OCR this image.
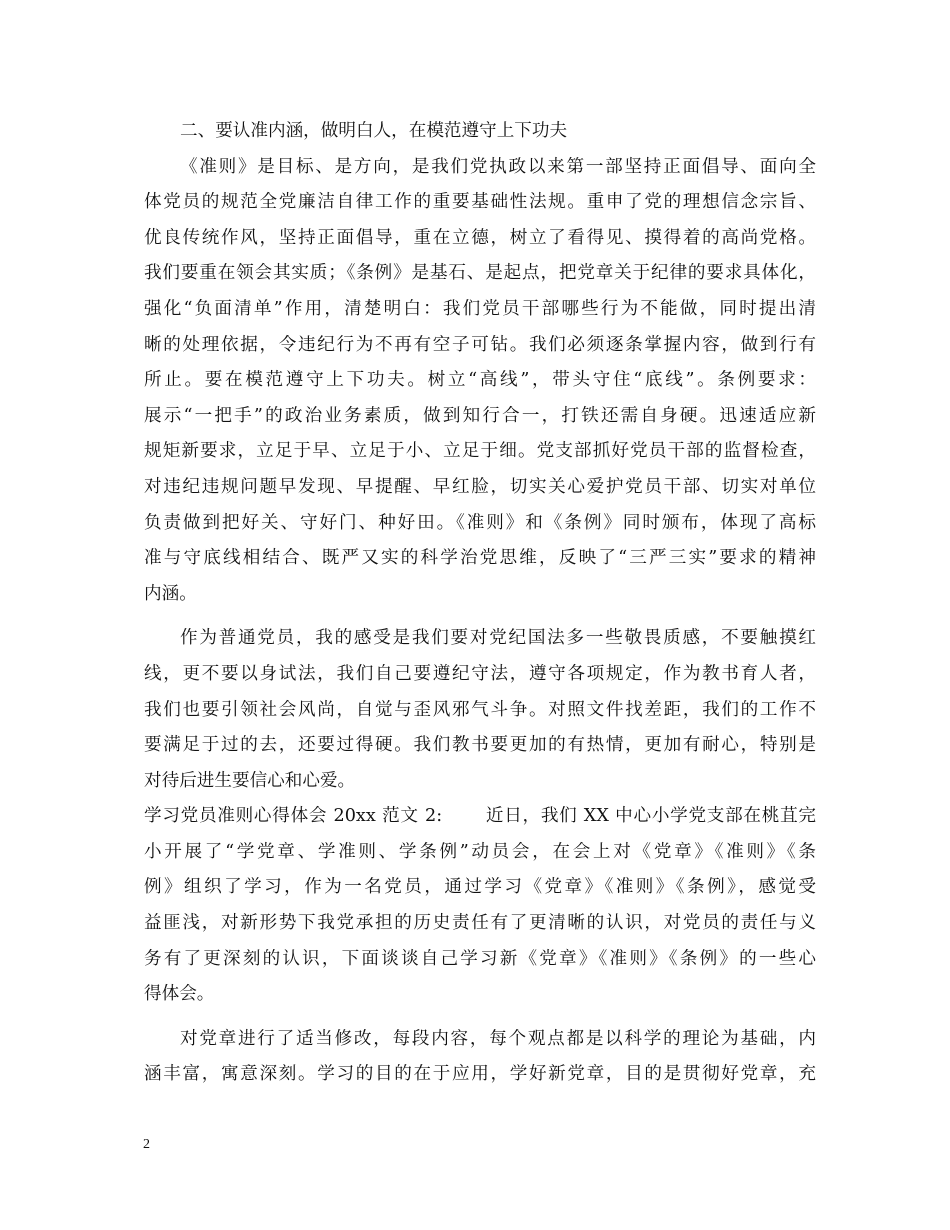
二、要认准内涵，做明白人，在模范遵守上下功夫
《准则》是目标、是方向，是我们党执政以来第一部坚持正面倡导、面向全
体党员的规范全党廉洁自律工作的重要基础性法规。重申了党的理想信念宗旨、
优良传统作风，坚持正面倡导，重在立德，树立了看得见、摸得着的高尚党格。
我们要重在领会其实质；《条例》是基石、是起点，把党章关于纪律的要求具体化，
强化“负面清单”作用，清楚明白：我们党员干部哪些行为不能做，同时提出清
晰的处理依据，令违纪行为不再有空子可钻。我们必须逐条掌握内容，做到行有
所止。要在模范遵守上下功夫。树立“高线”，带头守住“底线”。条例要求：
展示“一把手”的政治业务素质，做到知行合一，打铁还需自身硬。迅速适应新
规矩新要求，立足于早、立足于小、立足于细。党支部抓好党员干部的监督检查，
对违纪违规问题早发现、早提醒、早红脸，切实关心爱护党员干部、切实对单位
负责做到把好关、守好门、种好田。《准则》和《条例》同时颁布，体现了高标
准与守底线相结合、既严又实的科学治党思维，反映了“三严三实”要求的精神
内涵。
作为普通党员，我的感受是我们要对党纪国法多一些敬畏质感，不要触摸红
线，更不要以身试法，我们自己要遵纪守法，遵守各项规定，作为教书育人者，
我们也要引领社会风尚，自觉与歪风邪气斗争。对照文件找差距，我们的工作不
要满足于过的去，还要过得硬。我们教书要更加的有热情，更加有耐心，特别是
对待后进生要信心和心爱。
学习党员准则心得体会 20xx 范文 2:　　 近日，我们 XX 中心小学党支部在桃苴完
小开展了“学党章、学准则、学条例”动员会，在会上对《党章》《准则》《条
例》组织了学习，作为一名党员，通过学习《党章》《准则》《条例》，感觉受
益匪浅，对新形势下我党承担的历史责任有了更清晰的认识，对党员的责任与义
务有了更深刻的认识，下面谈谈自己学习新《党章》《准则》《条例》的一些心
得体会。
对党章进行了适当修改，每段内容，每个观点都是以科学的理论为基础，内
涵丰富，寓意深刻。学习的目的在于应用，学好新党章，目的是贯彻好党章，充
2
